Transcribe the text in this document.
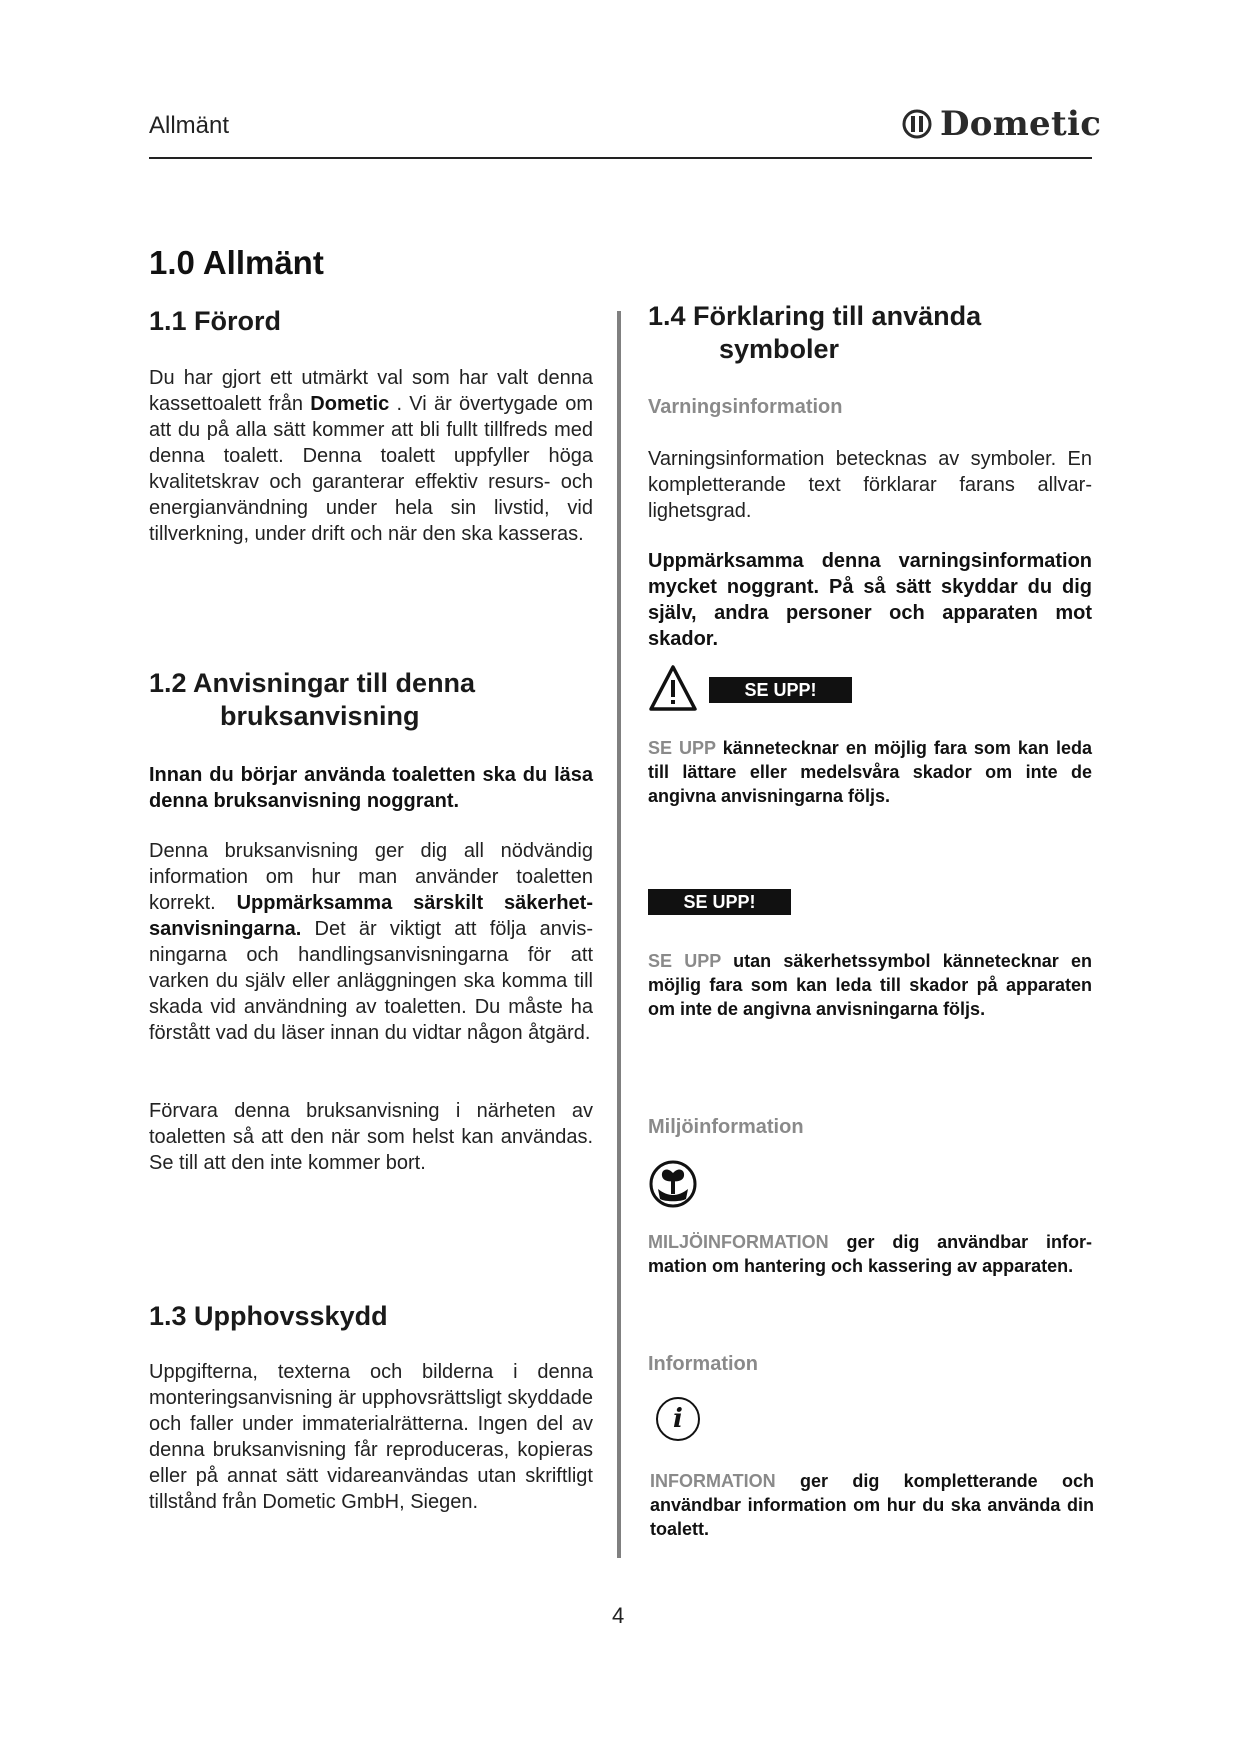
Allmänt	Dometic
1.0 Allmänt
1.1 Förord
Du har gjort ett utmärkt val som har valt denna kassettoalett från Dometic . Vi är övertygade om att du på alla sätt kommer att bli fullt tillfreds med denna toalett. Denna toalett uppfyller höga kvalitetskrav och garanterar effektiv resurs- och energianvändning under hela sin livstid, vid tillverkning, under drift och när den ska kasseras.
1.2 Anvisningar till denna
bruksanvisning
Innan du börjar använda toaletten ska du läsa denna bruksanvisning noggrant.
Denna bruksanvisning ger dig all nödvändig information om hur man använder toaletten korrekt. Uppmärksamma särskilt säkerhetsanvisningarna. Det är viktigt att följa anvisningarna och handlingsanvisningarna för att varken du själv eller anläggningen ska komma till skada vid användning av toaletten. Du måste ha förstått vad du läser innan du vidtar någon åtgärd.
Förvara denna bruksanvisning i närheten av toaletten så att den när som helst kan användas. Se till att den inte kommer bort.
1.3 Upphovsskydd
Uppgifterna, texterna och bilderna i denna monteringsanvisning är upphovsrättsligt skyddade och faller under immaterialrätterna. Ingen del av denna bruksanvisning får reproduceras, kopieras eller på annat sätt vidareanvändas utan skriftligt tillstånd från Dometic GmbH, Siegen.
1.4 Förklaring till använda
symboler
Varningsinformation
Varningsinformation betecknas av symboler. En kompletterande text förklarar farans allvarlighetsgrad.
Uppmärksamma denna varningsinformation mycket noggrant. På så sätt skyddar du dig själv, andra personer och apparaten mot skador.
SE UPP!
SE UPP kännetecknar en möjlig fara som kan leda till lättare eller medelsvåra skador om inte de angivna anvisningarna följs.
SE UPP!
SE UPP utan säkerhetssymbol kännetecknar en möjlig fara som kan leda till skador på apparaten om inte de angivna anvisningarna följs.
Miljöinformation
MILJÖINFORMATION ger dig användbar information om hantering och kassering av apparaten.
Information
i
INFORMATION ger dig kompletterande och användbar information om hur du ska använda din toalett.
4
